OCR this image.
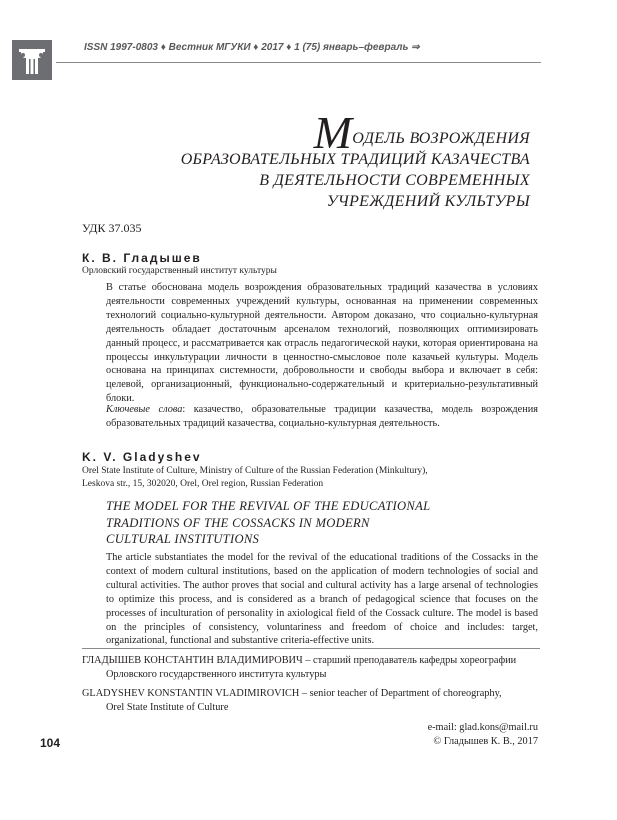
ISSN 1997-0803 ♦ Вестник МГУКИ ♦ 2017 ♦ 1 (75) январь–февраль ⇒
МОДЕЛЬ ВОЗРОЖДЕНИЯ
ОБРАЗОВАТЕЛЬНЫХ ТРАДИЦИЙ КАЗАЧЕСТВА
В ДЕЯТЕЛЬНОСТИ СОВРЕМЕННЫХ
УЧРЕЖДЕНИЙ КУЛЬТУРЫ
УДК 37.035
К. В. Гладышев
Орловский государственный институт культуры

В статье обоснована модель возрождения образовательных традиций казачества в условиях деятельности современных учреждений культуры, основанная на применении современных технологий социально-культурной деятельности. Автором доказано, что социально-культурная деятельность обладает достаточным арсеналом технологий, позволяющих оптимизировать данный процесс, и рассматривается как отрасль педагогической науки, которая ориентирована на процессы инкультурации личности в ценностно-смысловое поле казачьей культуры. Модель основана на принципах системности, добровольности и свободы выбора и включает в себя: целевой, организационный, функционально-содержательный и критериально-результативный блоки.

Ключевые слова: казачество, образовательные традиции казачества, модель возрождения образовательных традиций казачества, социально-культурная деятельность.

K. V. Gladyshev
Orel State Institute of Culture, Ministry of Culture of the Russian Federation (Minkultury),
Leskova str., 15, 302020, Orel, Orel region, Russian Federation
THE MODEL FOR THE REVIVAL OF THE EDUCATIONAL
TRADITIONS OF THE COSSACKS IN MODERN
CULTURAL INSTITUTIONS

The article substantiates the model for the revival of the educational traditions of the Cossacks in the context of modern cultural institutions, based on the application of modern technologies of social and cultural activities. The author proves that social and cultural activity has a large arsenal of technologies to optimize this process, and is considered as a branch of pedagogical science that focuses on the processes of inculturation of personality in axiological field of the Cossack culture. The model is based on the principles of consistency, voluntariness and freedom of choice and includes: target, organizational, functional and substantive criteria-effective units.

ГЛАДЫШЕВ КОНСТАНТИН ВЛАДИМИРОВИЧ – старший преподаватель кафедры хореографии
Орловского государственного института культуры
GLADYSHEV KONSTANTIN VLADIMIROVICH – senior teacher of Department of choreography,
Orel State Institute of Culture
e-mail: glad.kons@mail.ru
© Гладышев К. В., 2017
104
